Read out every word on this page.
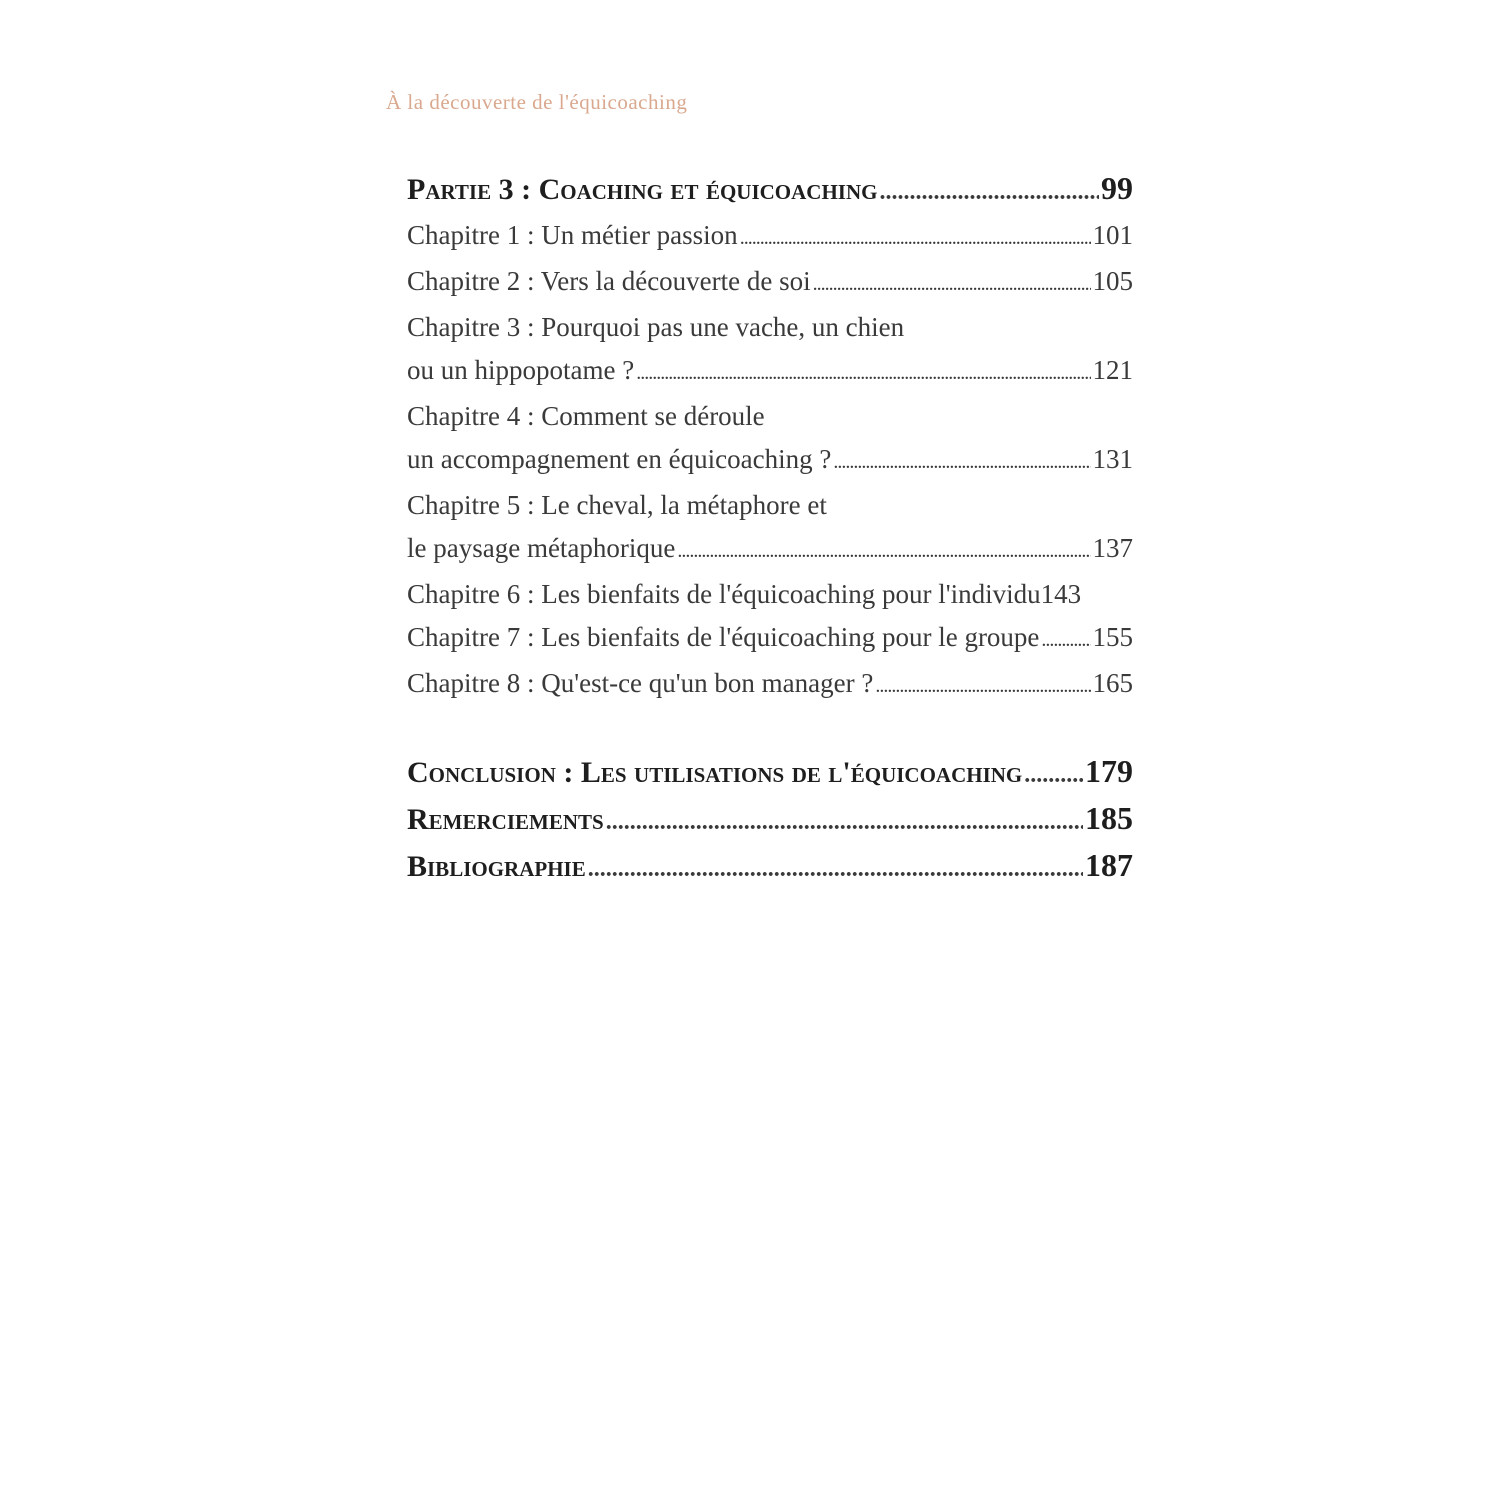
À la découverte de l'équicoaching
Partie 3 : Coaching et équicoaching . . .	99
Chapitre 1 : Un métier passion . . .	101
Chapitre 2 : Vers la découverte de soi . . .	105
Chapitre 3 : Pourquoi pas une vache, un chien
ou un hippopotame ? . . .	121
Chapitre 4 : Comment se déroule
un accompagnement en équicoaching ? . . .	131
Chapitre 5 : Le cheval, la métaphore et
le paysage métaphorique . . .	137
Chapitre 6 : Les bienfaits de l'équicoaching pour l'individu 143
Chapitre 7 : Les bienfaits de l'équicoaching pour le groupe . . . 155
Chapitre 8 : Qu'est-ce qu'un bon manager ? . . .	165
Conclusion : Les utilisations de l'équicoaching . . . 179
Remerciements . . .	185
Bibliographie . . .	187
